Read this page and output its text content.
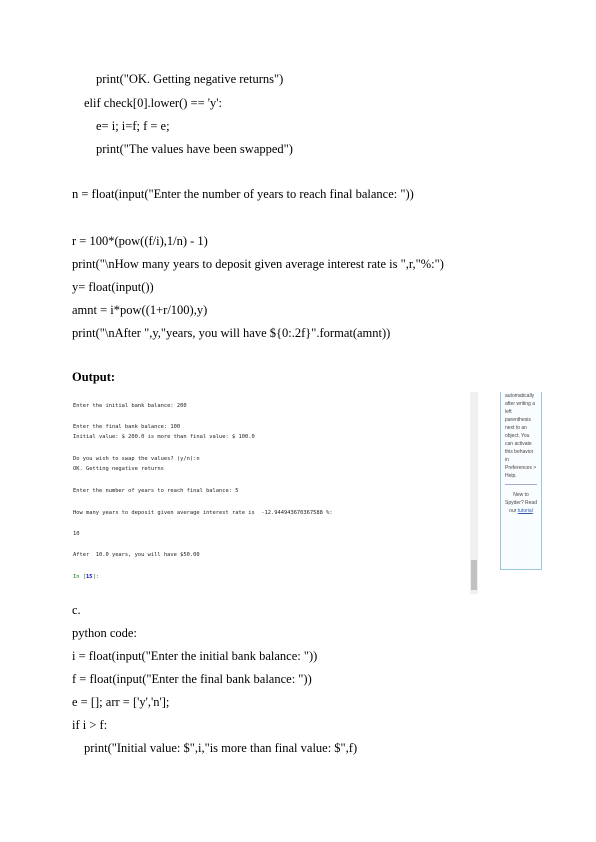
print("OK. Getting negative returns")
elif check[0].lower() == 'y':
e= i; i=f; f = e;
print("The values have been swapped")
n = float(input("Enter the number of years to reach final balance: "))
r = 100*(pow((f/i),1/n) - 1)
print("\nHow many years to deposit given average interest rate is ",r,"%:")
y= float(input())
amnt = i*pow((1+r/100),y)
print("\nAfter ",y,"years, you will have ${0:.2f}".format(amnt))
Output:
Enter the initial bank balance: 200
Enter the final bank balance: 100
Initial value: $ 200.0 is more than final value: $ 100.0
Do you wish to swap the values? (y/n):n
OK. Getting negative returns
Enter the number of years to reach final balance: 5
How many years to deposit given average interest rate is  -12.944943670367588 %:
10
After  10.0 years, you will have $50.00
In [15]:
automatically
after writing a
left
parenthesis
next to an
object. You
can activate
this behavior
in
Preferences >
Help.
New to
Spyder? Read
our tutorial
c.
python code:
i = float(input("Enter the initial bank balance: "))
f = float(input("Enter the final bank balance: "))
e = []; arr = ['y','n'];
if i > f:
print("Initial value: $",i,"is more than final value: $",f)
